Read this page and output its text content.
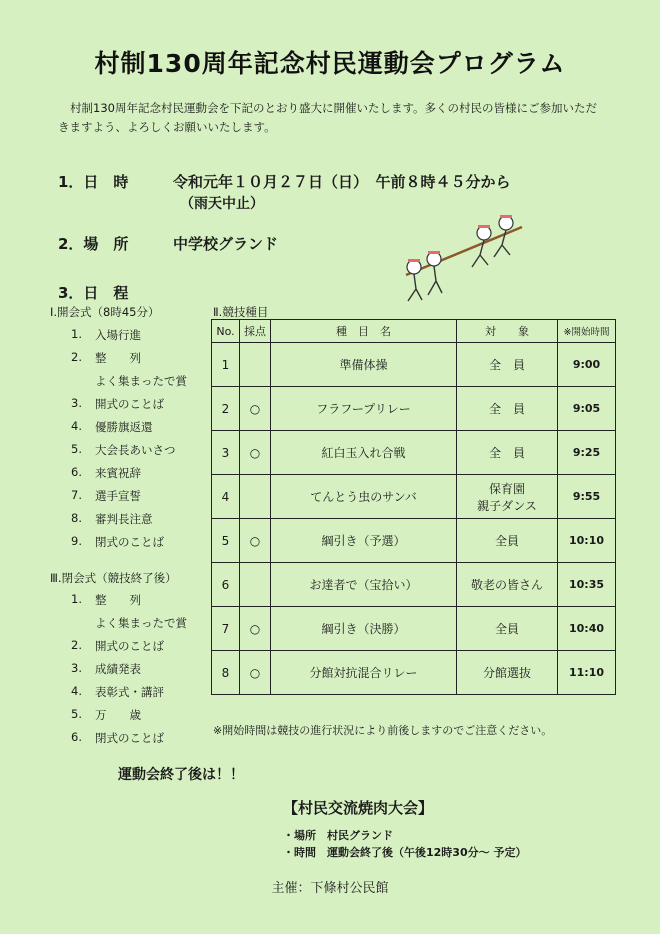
村制130周年記念村民運動会プログラム
村制130周年記念村民運動会を下記のとおり盛大に開催いたします。多くの村民の皆様にご参加いただきますよう、よろしくお願いいたします。
1．日　時	令和元年１０月２７日（日）　午前８時４５分から
（雨天中止）
2．場　所	中学校グランド
3．日　程
Ⅰ.開会式（8時45分）
1. 入場行進
2. 整　　列
よく集まったで賞
3. 開式のことば
4. 優勝旗返還
5. 大会長あいさつ
6. 来賓祝辞
7. 選手宣誓
8. 審判長注意
9. 閉式のことば
Ⅲ.閉会式（競技終了後）
1. 整　　列
よく集まったで賞
2. 開式のことば
3. 成績発表
4. 表彰式・講評
5. 万　　歳
6. 閉式のことば
Ⅱ.競技種目
No.	採点	種　目　名	対　　象	※開始時間
1		準備体操	全　員	9:00
2	○	フラフープリレー	全　員	9:05
3	○	紅白玉入れ合戦	全　員	9:25
4		てんとう虫のサンバ	保育園
親子ダンス	9:55
5	○	綱引き（予選）	全員	10:10
6		お達者で（宝拾い）	敬老の皆さん	10:35
7	○	綱引き（決勝）	全員	10:40
8	○	分館対抗混合リレー	分館選抜	11:10
※開始時間は競技の進行状況により前後しますのでご注意ください。
運動会終了後は！！
【村民交流焼肉大会】
・場所　村民グランド
・時間　運動会終了後（午後12時30分～ 予定）
主催：下條村公民館
